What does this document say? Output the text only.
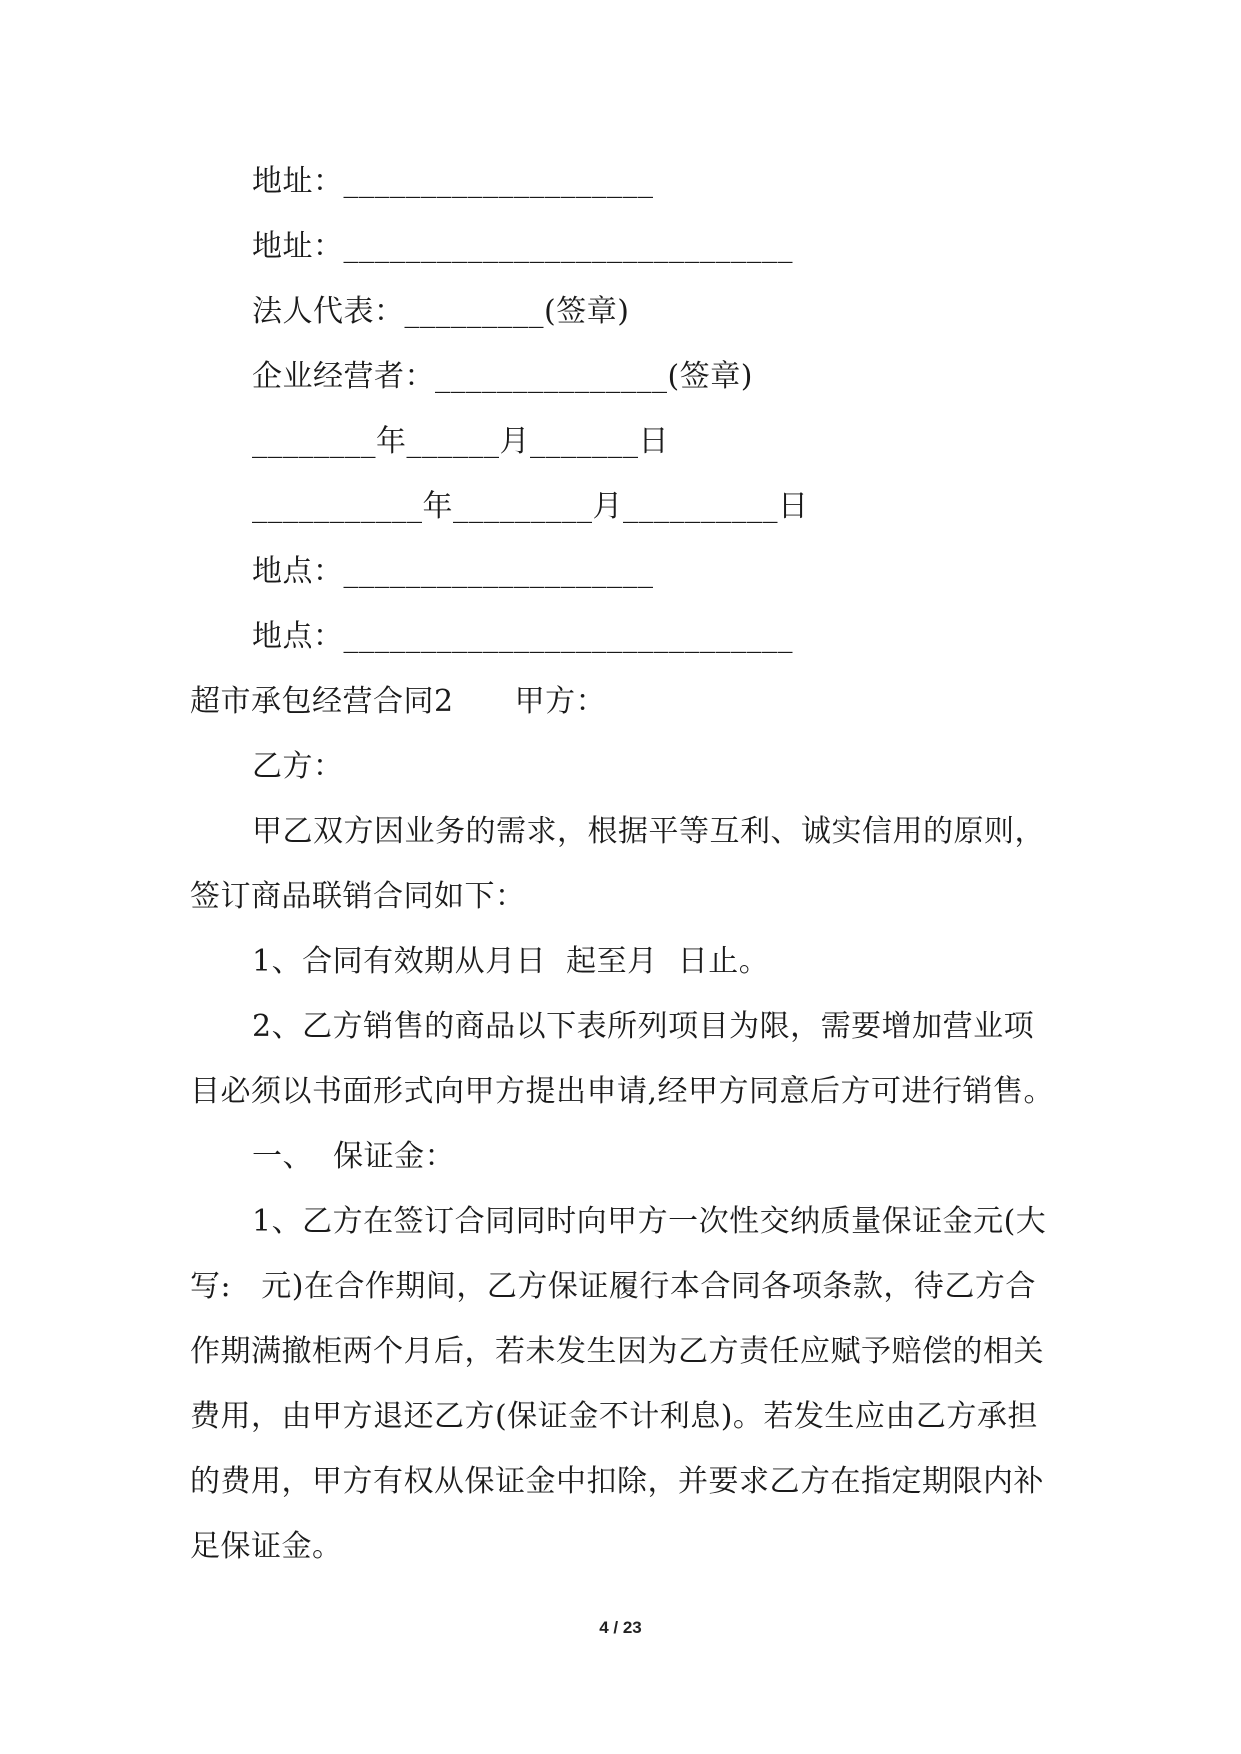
地址：____________________
地址：_____________________________
法人代表：_________(签章)
企业经营者：_______________(签章)
________年______月_______日
___________年_________月__________日
地点：____________________
地点：_____________________________
超市承包经营合同2　　甲方：
乙方：
甲乙双方因业务的需求，根据平等互利、诚实信用的原则，
签订商品联销合同如下：
1、合同有效期从月日  起至月  日止。
2、乙方销售的商品以下表所列项目为限，需要增加营业项
目必须以书面形式向甲方提出申请,经甲方同意后方可进行销售。
一、  保证金：
1、乙方在签订合同同时向甲方一次性交纳质量保证金元(大
写:   元)在合作期间，乙方保证履行本合同各项条款，待乙方合
作期满撤柜两个月后，若未发生因为乙方责任应赋予赔偿的相关
费用，由甲方退还乙方(保证金不计利息)。若发生应由乙方承担
的费用，甲方有权从保证金中扣除，并要求乙方在指定期限内补
足保证金。
4 / 23
